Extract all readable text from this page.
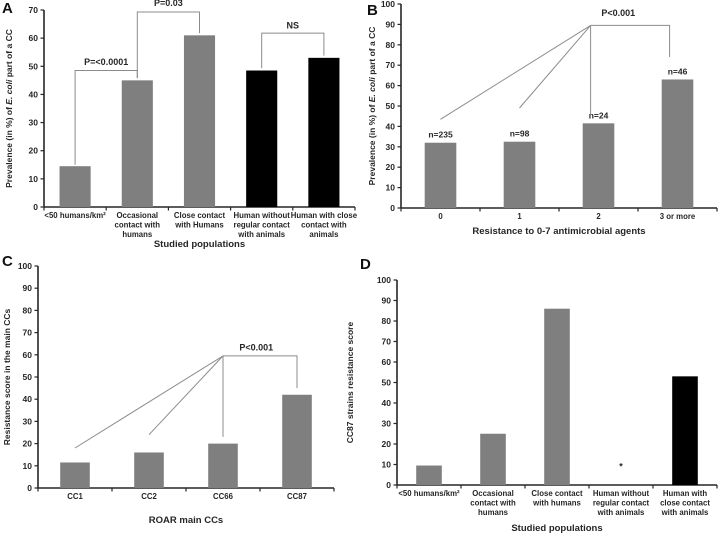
A
0
10
20
30
40
50
60
70
<50 humans/km² Occasional
contact with
humans
Close contact
with Humans
Human without
regular contact
with animals
Human with close
contact with
animals
Studied populations
Prevalence (in %) of E. coli part of a CC	P=<0.0001
P=0.03
NS
B
0
10
20
30
40
50
60
70
80
90
100
n=235	n=98
n=24
n=46
0	1	2	3 or more
Resistance to 0-7 antimicrobial agents
Prevalence (in %) of E. coli part of a CC
P<0.001
C
0
10
20
30
40
50
60
70
80
90
100
CC1	CC2	CC66	CC87
ROAR main CCs
Resistance score in the main CCs	P<0.001
D
0
10
20
30
40
50
60
70
80
90
100
<50 humans/km² Occasional
contact with
humans
Close contact
with humans
Human without
regular contact
with animals
Human with
close contact
with animals
Studied populations
CC87 strains resistance score
*
